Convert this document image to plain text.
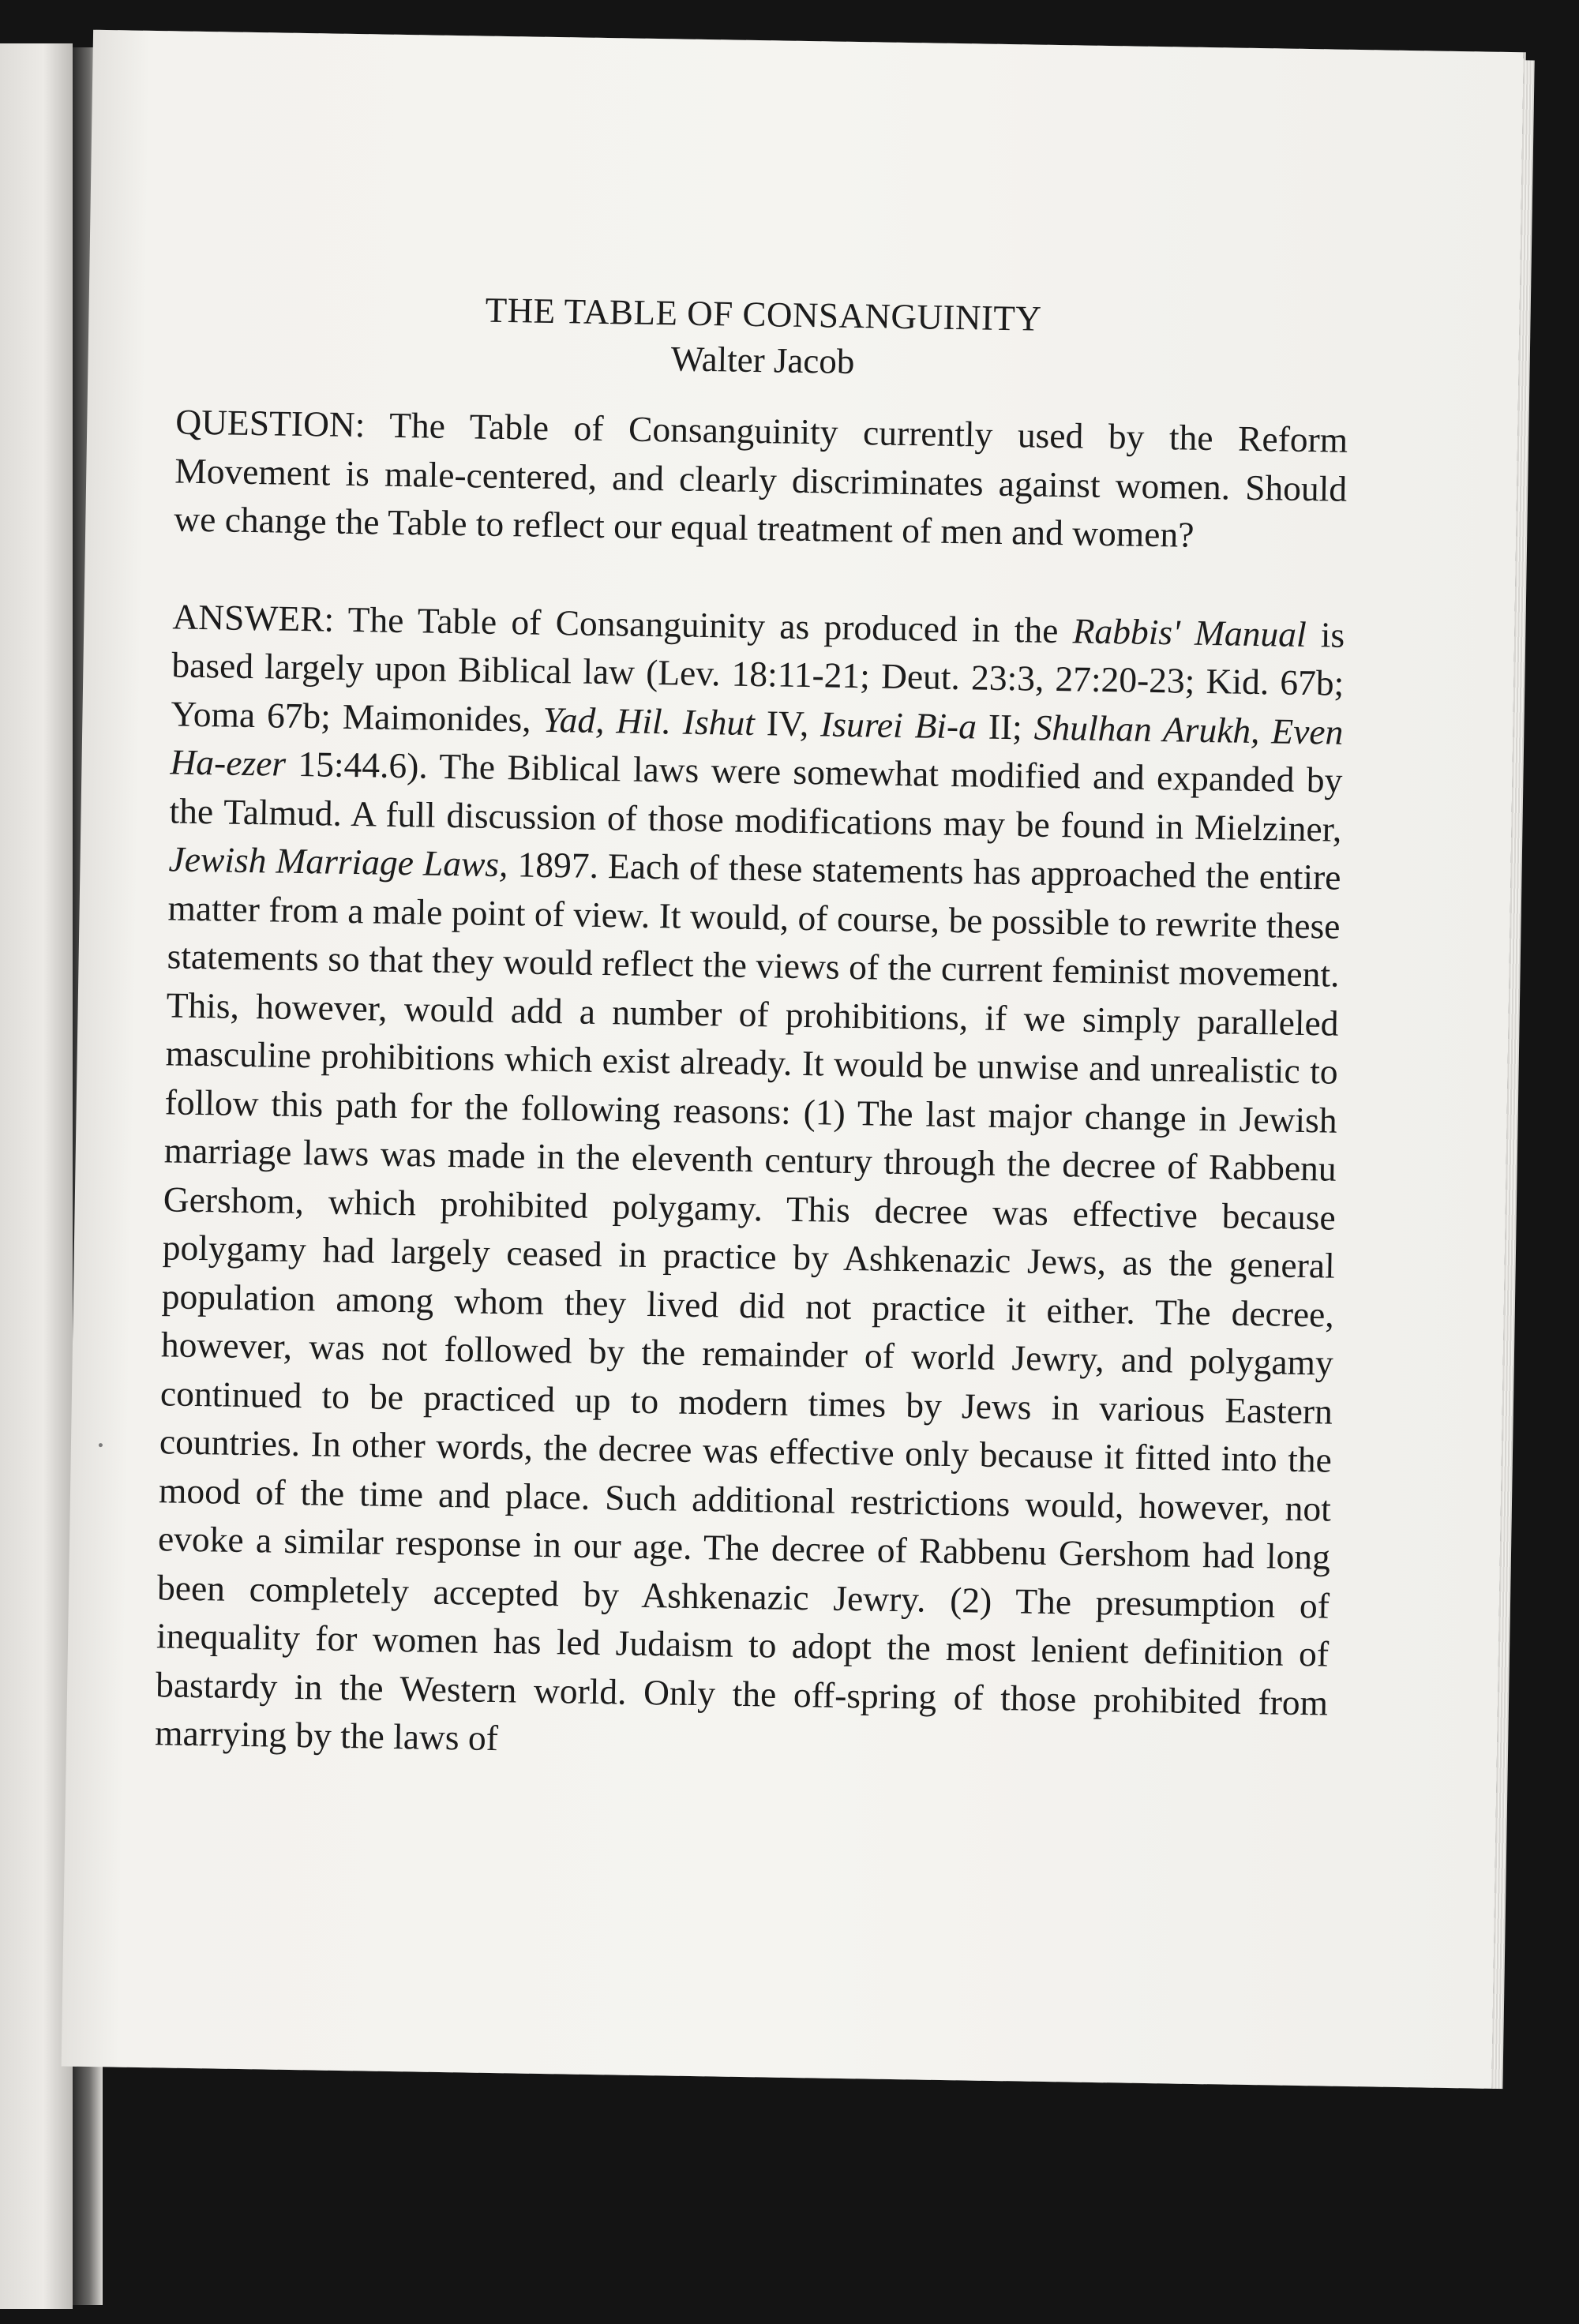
THE TABLE OF CONSANGUINITY

Walter Jacob

QUESTION: The Table of Consanguinity currently used by the Reform Movement is male-centered, and clearly discriminates against women. Should we change the Table to reflect our equal treatment of men and women?

ANSWER: The Table of Consanguinity as produced in the Rabbis' Manual is based largely upon Biblical law (Lev. 18:11-21; Deut. 23:3, 27:20-23; Kid. 67b; Yoma 67b; Maimonides, Yad, Hil. Ishut IV, Isurei Bi-a II; Shulhan Arukh, Even Ha-ezer 15:44.6). The Biblical laws were somewhat modified and expanded by the Talmud. A full discussion of those modifications may be found in Mielziner, Jewish Marriage Laws, 1897. Each of these statements has approached the entire matter from a male point of view. It would, of course, be possible to rewrite these statements so that they would reflect the views of the current feminist movement. This, however, would add a number of prohibitions, if we simply paralleled masculine prohibitions which exist already. It would be unwise and unrealistic to follow this path for the following reasons: (1) The last major change in Jewish marriage laws was made in the eleventh century through the decree of Rabbenu Gershom, which prohibited polygamy. This decree was effective because polygamy had largely ceased in practice by Ashkenazic Jews, as the general population among whom they lived did not practice it either. The decree, however, was not followed by the remainder of world Jewry, and polygamy continued to be practiced up to modern times by Jews in various Eastern countries. In other words, the decree was effective only because it fitted into the mood of the time and place. Such additional restrictions would, however, not evoke a similar response in our age. The decree of Rabbenu Gershom had long been completely accepted by Ashkenazic Jewry. (2) The presumption of inequality for women has led Judaism to adopt the most lenient definition of bastardy in the Western world. Only the off-spring of those prohibited from marrying by the laws of
